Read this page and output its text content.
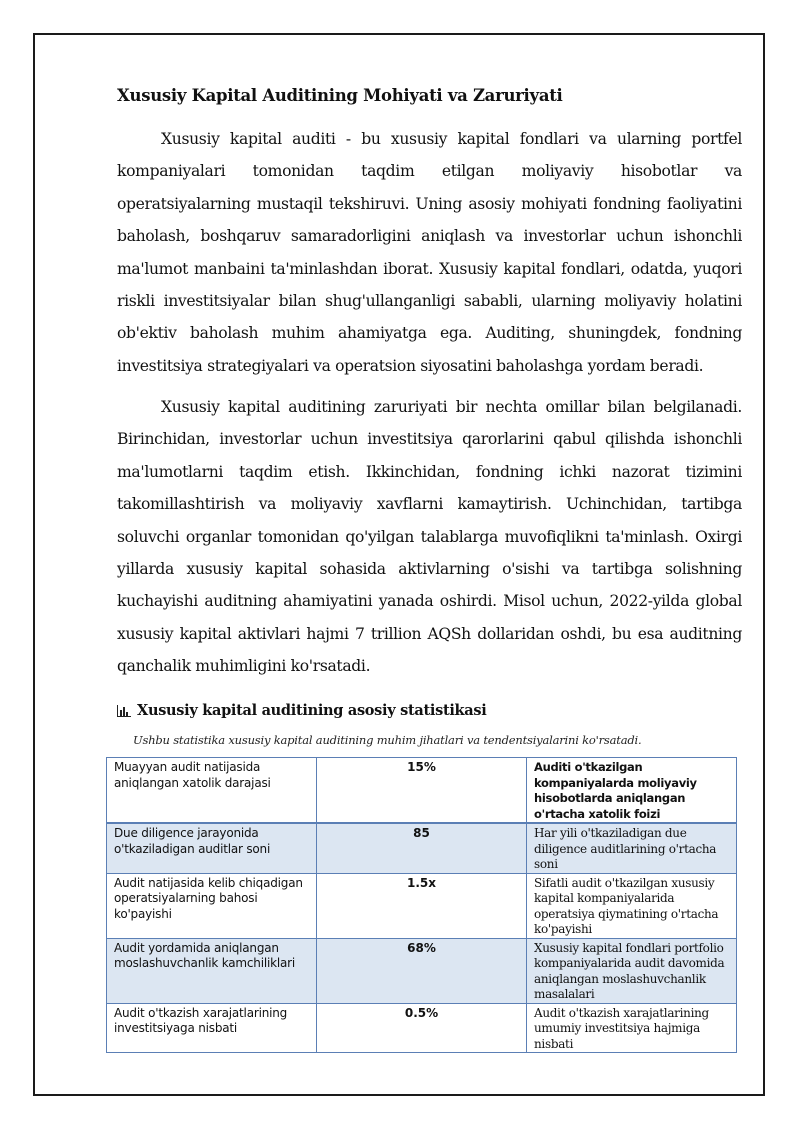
Xususiy Kapital Auditining Mohiyati va Zaruriyati

Xususiy kapital auditi - bu xususiy kapital fondlari va ularning portfel kompaniyalari tomonidan taqdim etilgan moliyaviy hisobotlar va operatsiyalarning mustaqil tekshiruvi. Uning asosiy mohiyati fondning faoliyatini baholash, boshqaruv samaradorligini aniqlash va investorlar uchun ishonchli ma'lumot manbaini ta'minlashdan iborat. Xususiy kapital fondlari, odatda, yuqori riskli investitsiyalar bilan shug'ullanganligi sababli, ularning moliyaviy holatini ob'ektiv baholash muhim ahamiyatga ega. Auditing, shuningdek, fondning investitsiya strategiyalari va operatsion siyosatini baholashga yordam beradi.

Xususiy kapital auditining zaruriyati bir nechta omillar bilan belgilanadi. Birinchidan, investorlar uchun investitsiya qarorlarini qabul qilishda ishonchli ma'lumotlarni taqdim etish. Ikkinchidan, fondning ichki nazorat tizimini takomillashtirish va moliyaviy xavflarni kamaytirish. Uchinchidan, tartibga soluvchi organlar tomonidan qo'yilgan talablarga muvofiqlikni ta'minlash. Oxirgi yillarda xususiy kapital sohasida aktivlarning o'sishi va tartibga solishning kuchayishi auditning ahamiyatini yanada oshirdi. Misol uchun, 2022-yilda global xususiy kapital aktivlari hajmi 7 trillion AQSh dollaridan oshdi, bu esa auditning qanchalik muhimligini ko'rsatadi.

Xususiy kapital auditining asosiy statistikasi

Ushbu statistika xususiy kapital auditining muhim jihatlari va tendentsiyalarini ko'rsatadi.

Muayyan audit natijasida aniqlangan xatolik darajasi	15%	Auditi o'tkazilgan kompaniyalarda moliyaviy hisobotlarda aniqlangan o'rtacha xatolik foizi
Due diligence jarayonida o'tkaziladigan auditlar soni	85	Har yili o'tkaziladigan due diligence auditlarining o'rtacha soni
Audit natijasida kelib chiqadigan operatsiyalarning bahosi ko'payishi	1.5x	Sifatli audit o'tkazilgan xususiy kapital kompaniyalarida operatsiya qiymatining o'rtacha ko'payishi
Audit yordamida aniqlangan moslashuvchanlik kamchiliklari	68%	Xususiy kapital fondlari portfolio kompaniyalarida audit davomida aniqlangan moslashuvchanlik masalalari
Audit o'tkazish xarajatlarining investitsiyaga nisbati	0.5%	Audit o'tkazish xarajatlarining umumiy investitsiya hajmiga nisbati
